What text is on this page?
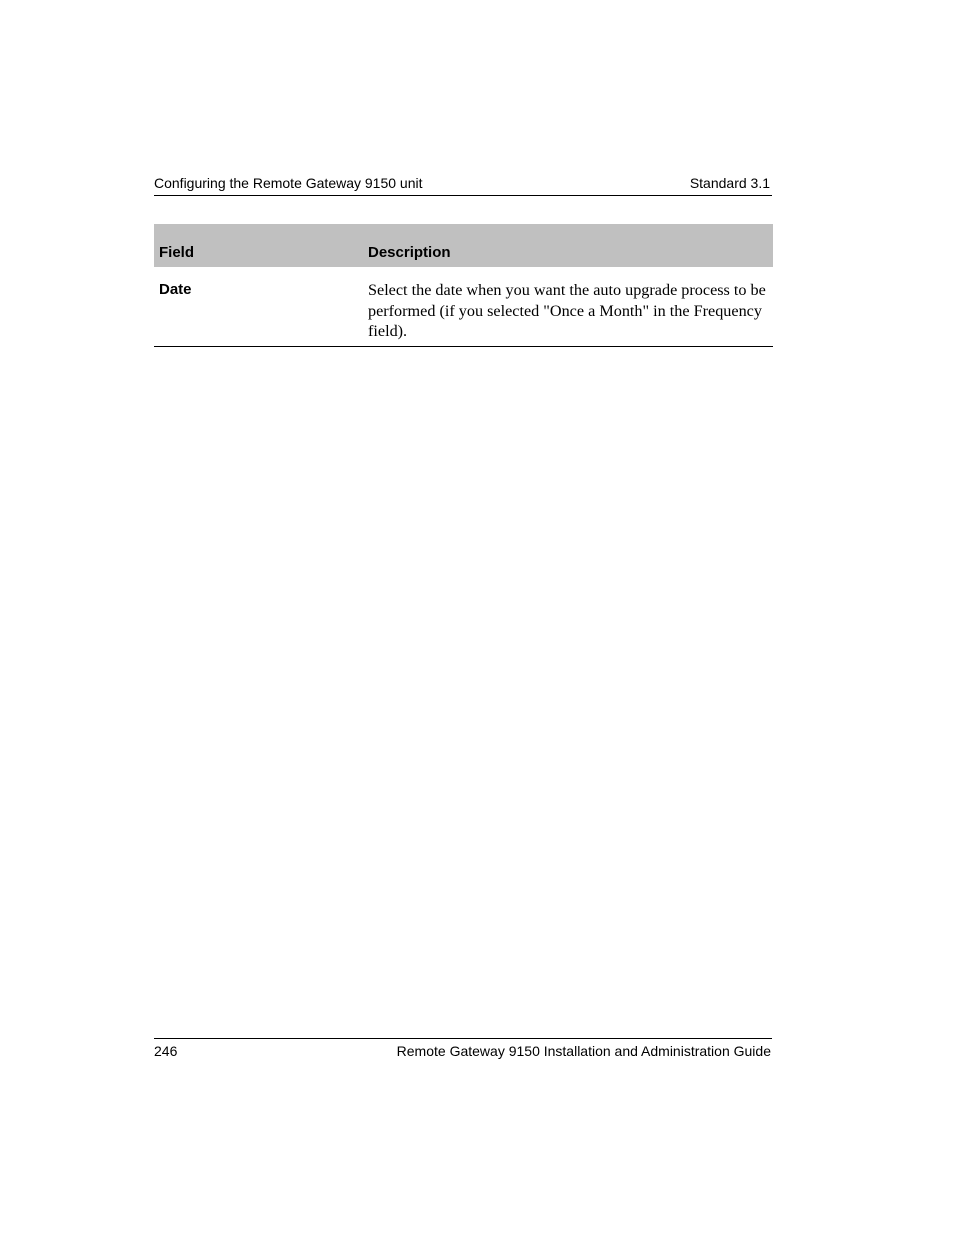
Configuring the Remote Gateway 9150 unit	Standard 3.1
Field	Description
Date	Select the date when you want the auto upgrade process to be performed (if you selected "Once a Month" in the Frequency field).
246	Remote Gateway 9150 Installation and Administration Guide
